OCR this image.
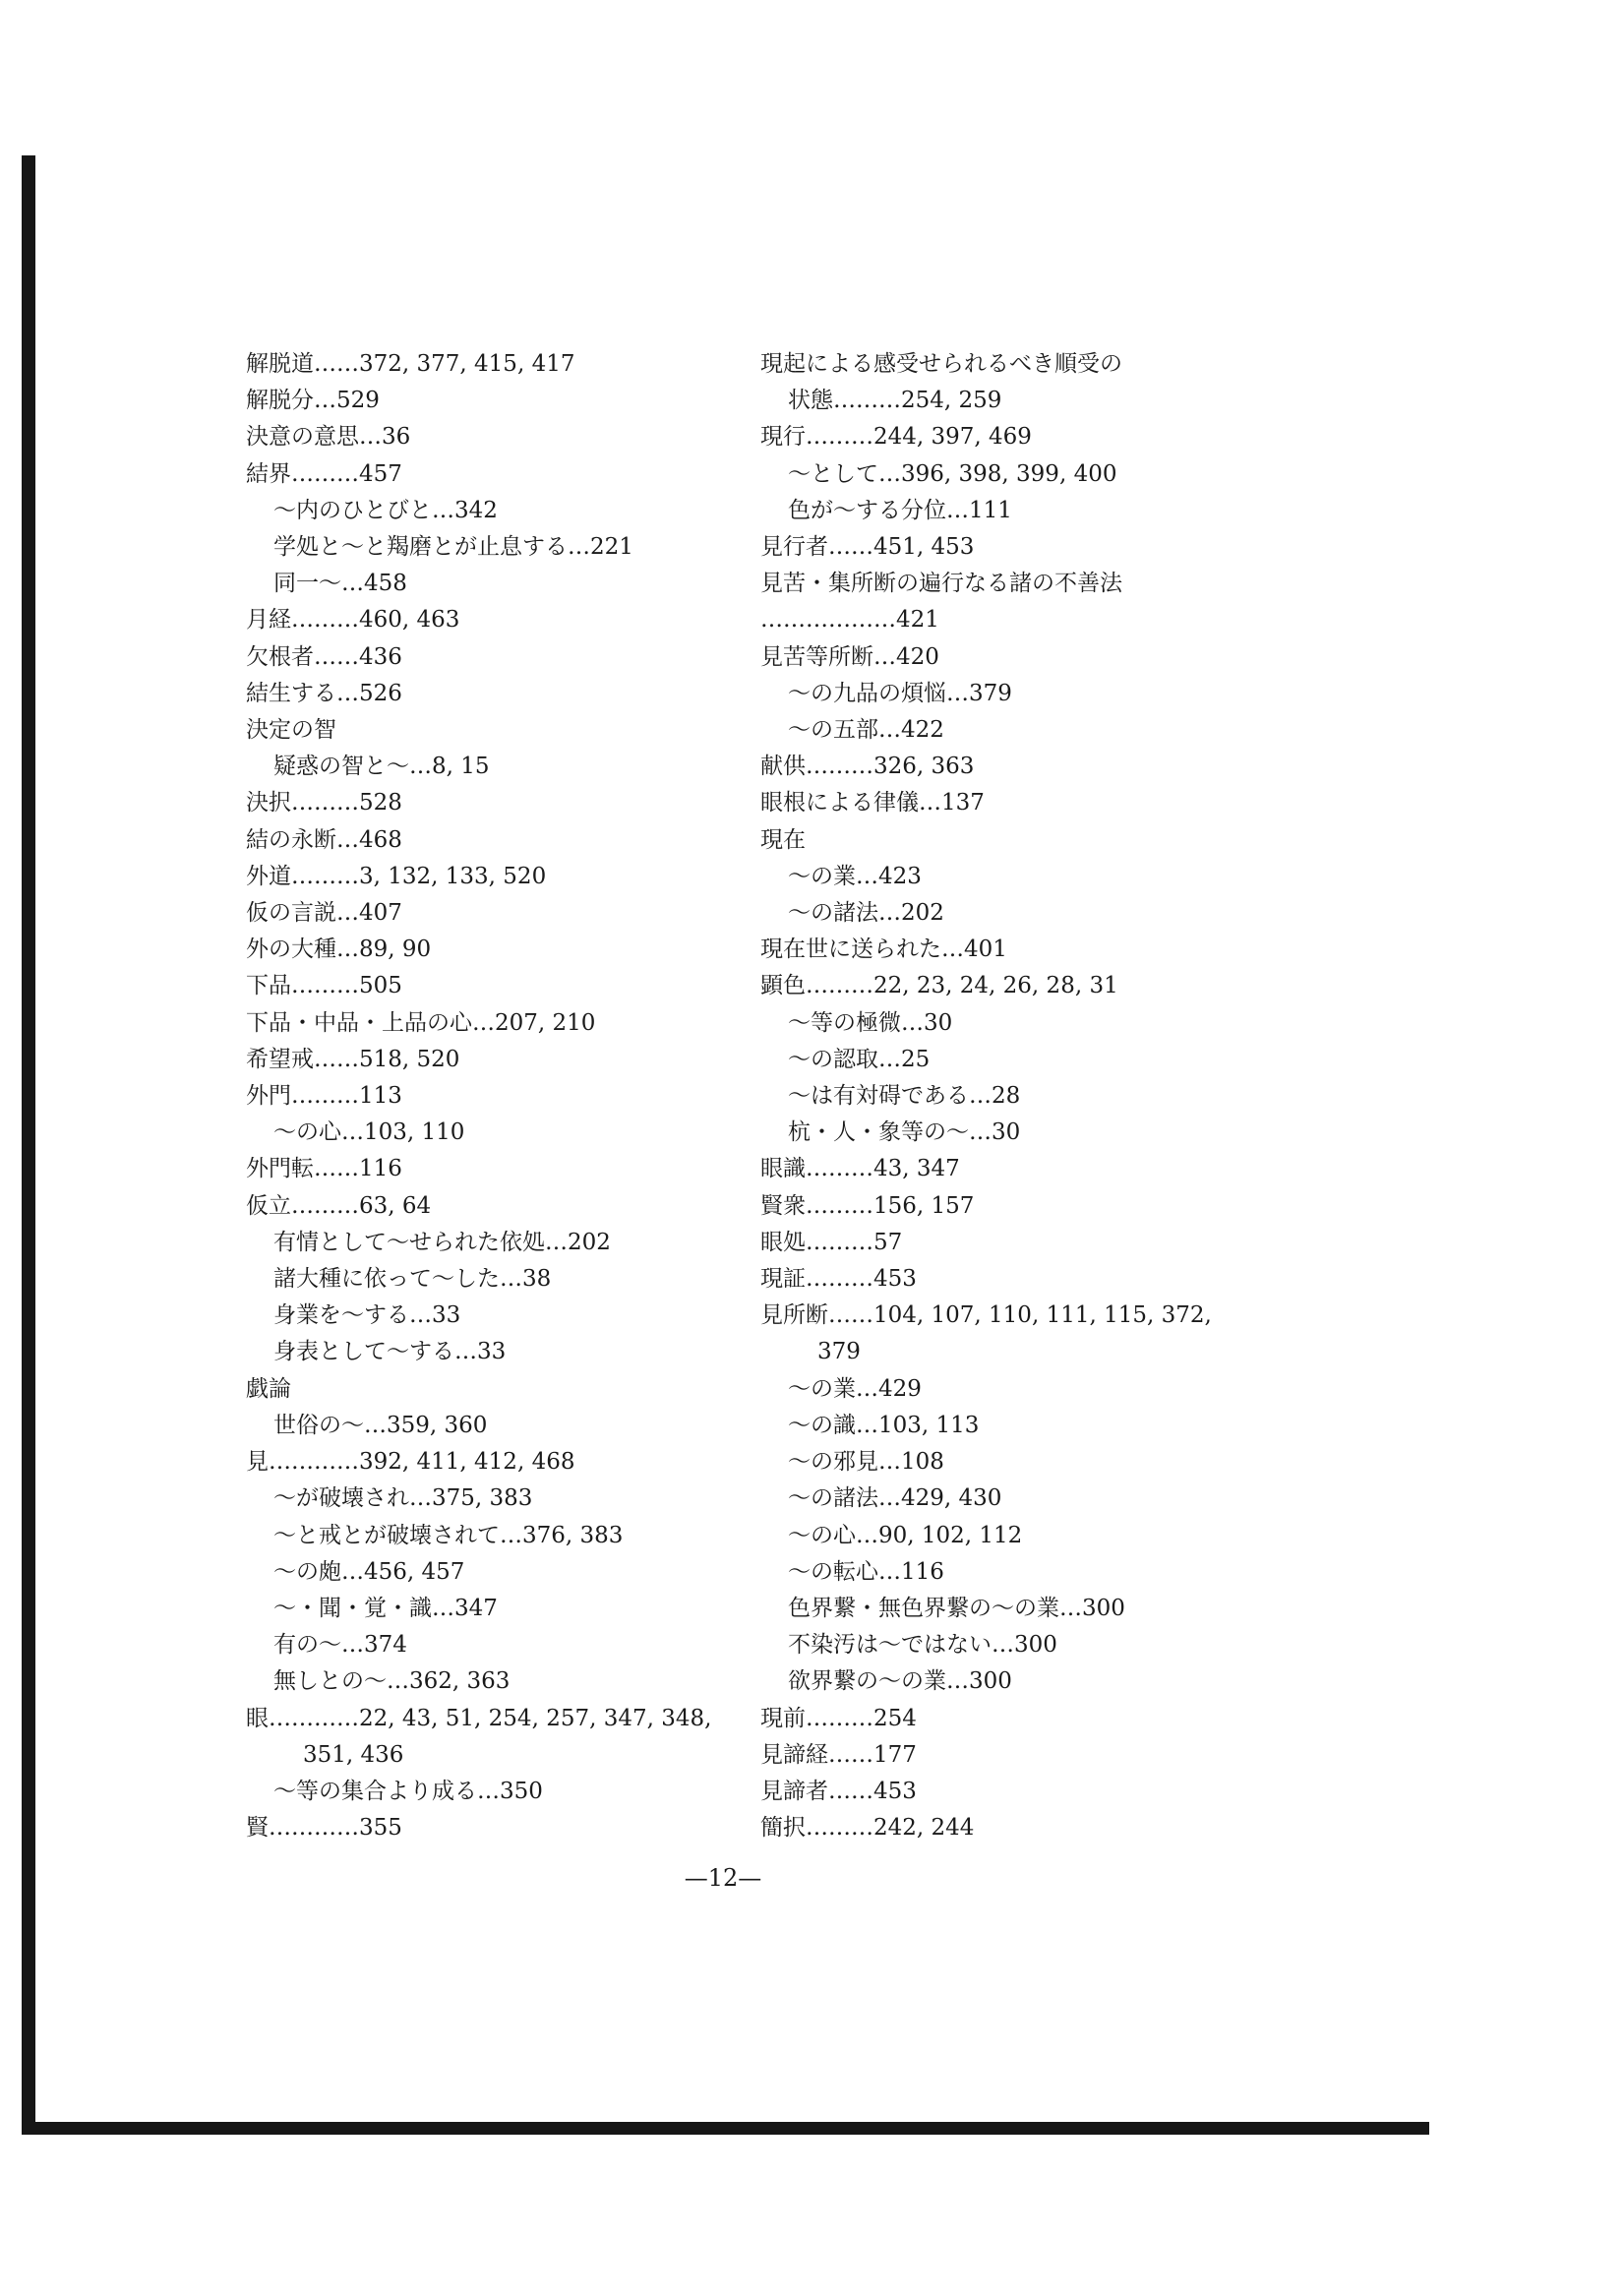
解脱道……372, 377, 415, 417
解脱分…529
決意の意思…36
結界………457
〜内のひとびと…342
学処と〜と羯磨とが止息する…221
同一〜…458
月経………460, 463
欠根者……436
結生する…526
決定の智
疑惑の智と〜…8, 15
決択………528
結の永断…468
外道………3, 132, 133, 520
仮の言説…407
外の大種…89, 90
下品………505
下品・中品・上品の心…207, 210
希望戒……518, 520
外門………113
〜の心…103, 110
外門転……116
仮立………63, 64
有情として〜せられた依処…202
諸大種に依って〜した…38
身業を〜する…33
身表として〜する…33
戯論
世俗の〜…359, 360
見…………392, 411, 412, 468
〜が破壊され…375, 383
〜と戒とが破壊されて…376, 383
〜の皰…456, 457
〜・聞・覚・識…347
有の〜…374
無しとの〜…362, 363
眼…………22, 43, 51, 254, 257, 347, 348,
351, 436
〜等の集合より成る…350
賢…………355
現起による感受せられるべき順受の
状態………254, 259
現行………244, 397, 469
〜として…396, 398, 399, 400
色が〜する分位…111
見行者……451, 453
見苦・集所断の遍行なる諸の不善法
………………421
見苦等所断…420
〜の九品の煩悩…379
〜の五部…422
献供………326, 363
眼根による律儀…137
現在
〜の業…423
〜の諸法…202
現在世に送られた…401
顕色………22, 23, 24, 26, 28, 31
〜等の極微…30
〜の認取…25
〜は有対碍である…28
杭・人・象等の〜…30
眼識………43, 347
賢衆………156, 157
眼処………57
現証………453
見所断……104, 107, 110, 111, 115, 372,
379
〜の業…429
〜の識…103, 113
〜の邪見…108
〜の諸法…429, 430
〜の心…90, 102, 112
〜の転心…116
色界繋・無色界繋の〜の業…300
不染汚は〜ではない…300
欲界繋の〜の業…300
現前………254
見諦経……177
見諦者……453
簡択………242, 244
—12—
